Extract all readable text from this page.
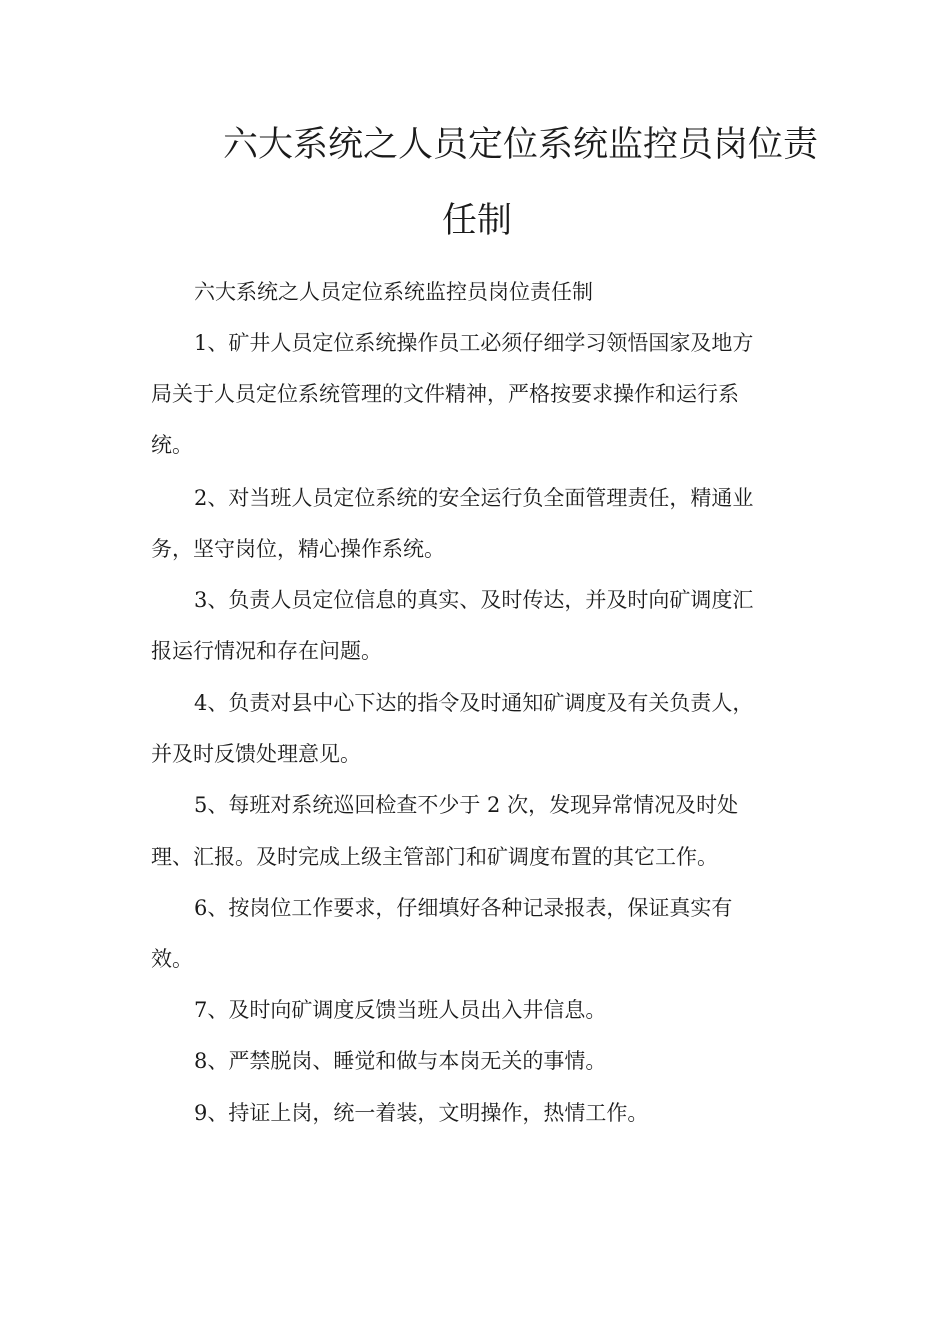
六大系统之人员定位系统监控员岗位责
任制
六大系统之人员定位系统监控员岗位责任制
1、矿井人员定位系统操作员工必须仔细学习领悟国家及地方
局关于人员定位系统管理的文件精神，严格按要求操作和运行系
统。
2、对当班人员定位系统的安全运行负全面管理责任，精通业
务，坚守岗位，精心操作系统。
3、负责人员定位信息的真实、及时传达，并及时向矿调度汇
报运行情况和存在问题。
4、负责对县中心下达的指令及时通知矿调度及有关负责人，
并及时反馈处理意见。
5、每班对系统巡回检查不少于 2 次，发现异常情况及时处
理、汇报。及时完成上级主管部门和矿调度布置的其它工作。
6、按岗位工作要求，仔细填好各种记录报表，保证真实有
效。
7、及时向矿调度反馈当班人员出入井信息。
8、严禁脱岗、睡觉和做与本岗无关的事情。
9、持证上岗，统一着装，文明操作，热情工作。
